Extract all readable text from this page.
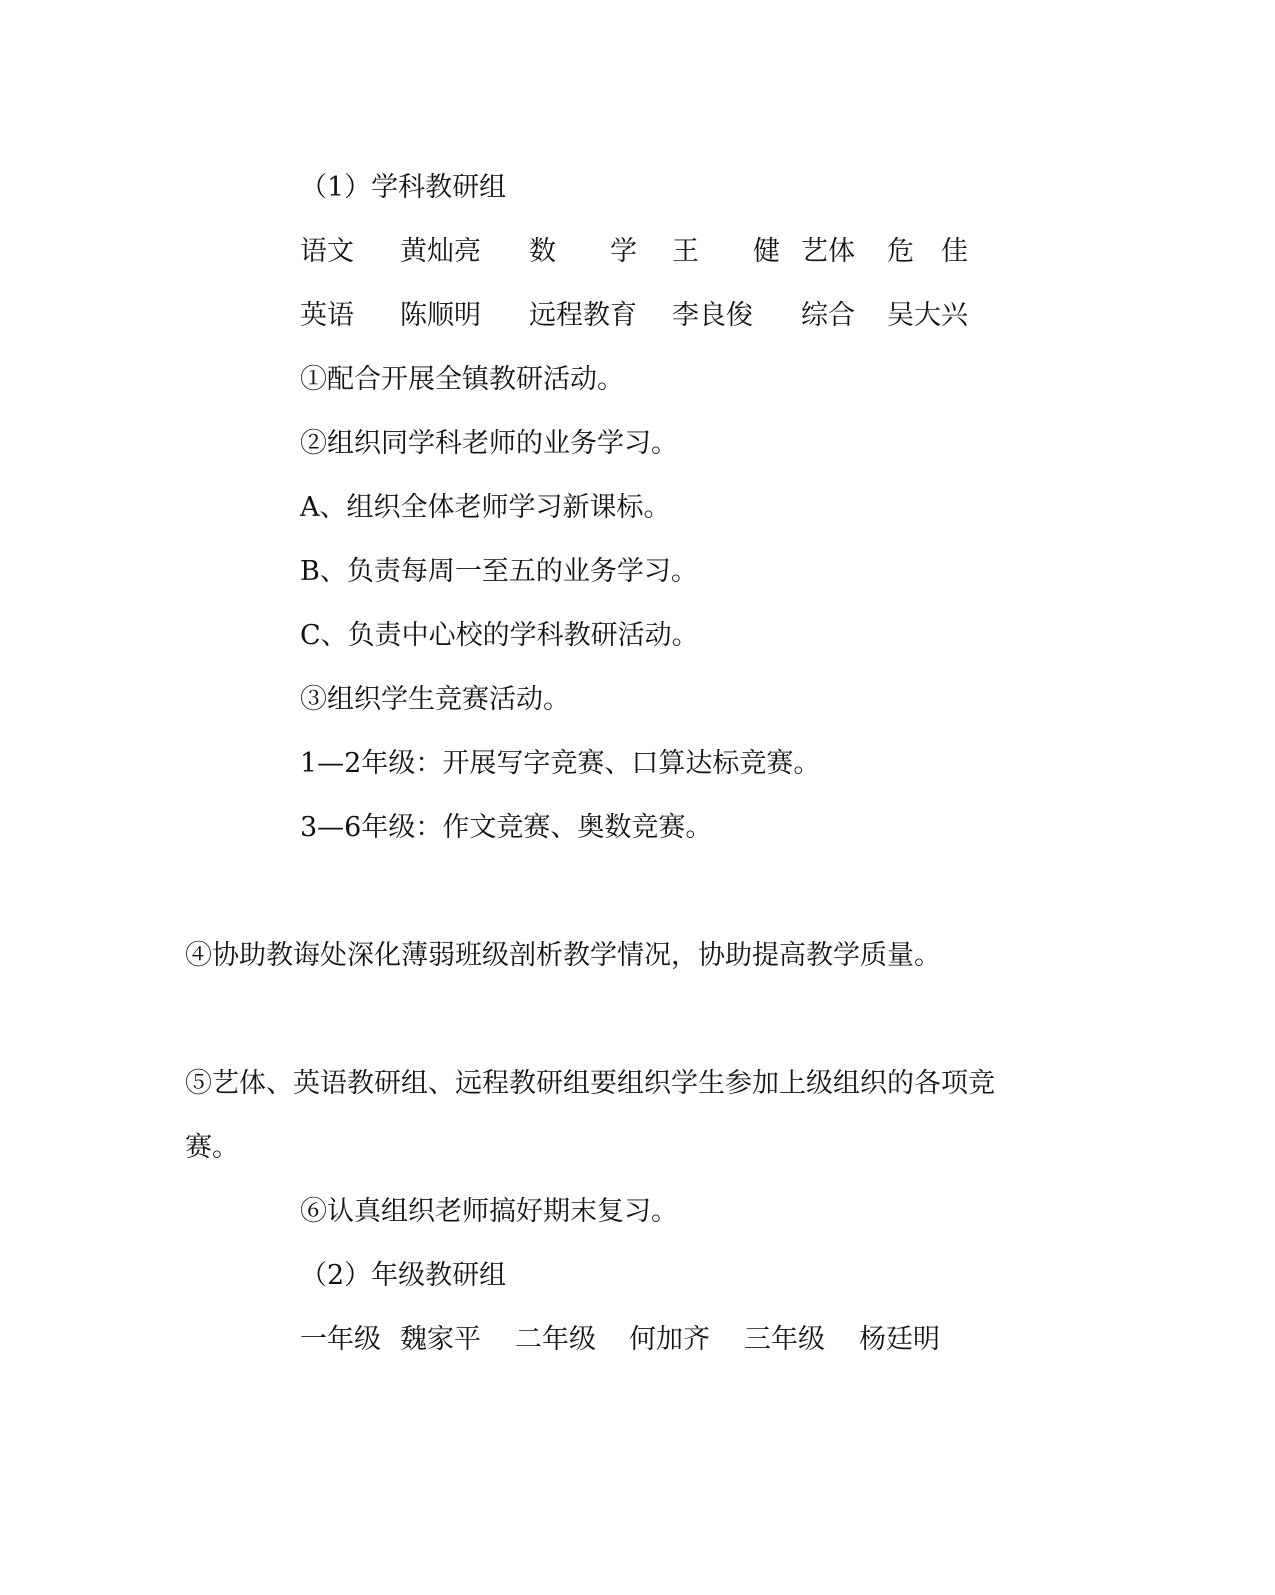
（1）学科教研组
语文 黄灿亮 数　　学 王　　健 艺体 危　佳
英语 陈顺明 远程教育 李良俊 综合 吴大兴
①配合开展全镇教研活动。
②组织同学科老师的业务学习。
A、组织全体老师学习新课标。
B、负责每周一至五的业务学习。
C、负责中心校的学科教研活动。
③组织学生竞赛活动。
1—2年级：开展写字竞赛、口算达标竞赛。
3—6年级：作文竞赛、奥数竞赛。
④协助教诲处深化薄弱班级剖析教学情况，协助提高教学质量。
⑤艺体、英语教研组、远程教研组要组织学生参加上级组织的各项竞
赛。
⑥认真组织老师搞好期末复习。
（2）年级教研组
一年级 魏家平 二年级 何加齐 三年级 杨廷明
